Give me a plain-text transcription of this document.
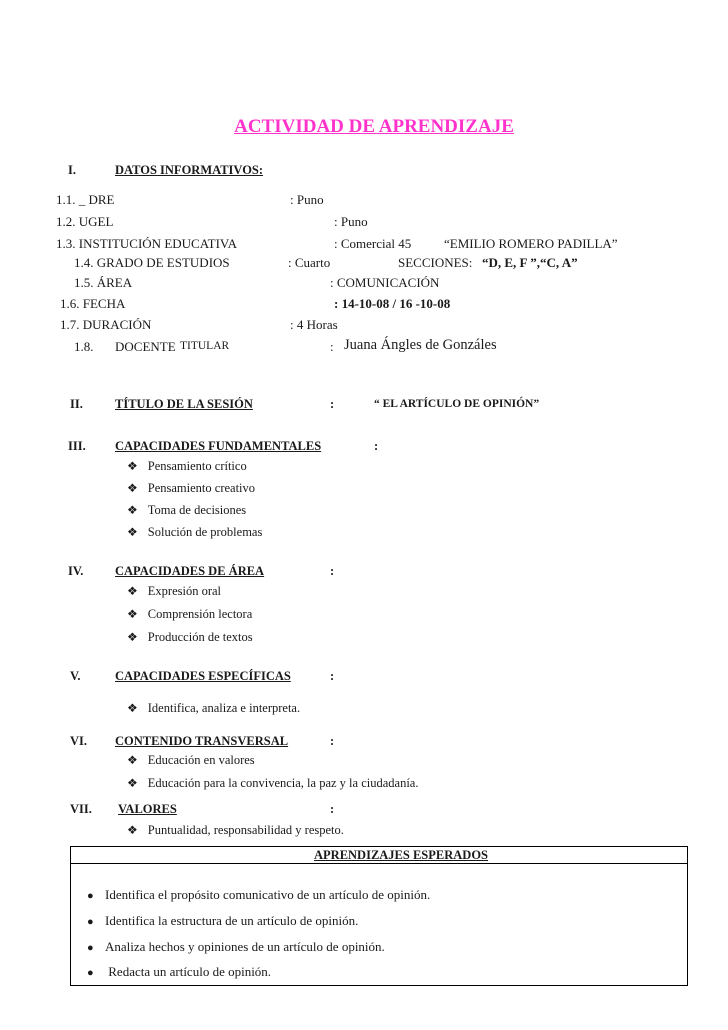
ACTIVIDAD DE APRENDIZAJE
I.	DATOS INFORMATIVOS:
1.1. _ DRE	: Puno
1.2. UGEL	: Puno
1.3. INSTITUCIÓN EDUCATIVA	: Comercial 45	“EMILIO ROMERO PADILLA”
1.4. GRADO DE ESTUDIOS	: Cuarto	SECCIONES: “D, E, F ”,“C, A”
1.5. ÁREA	: COMUNICACIÓN
1.6. FECHA	: 14-10-08 / 16 -10-08
1.7. DURACIÓN	: 4 Horas
1.8. DOCENTE TITULAR	: Juana Ángles de Gonzáles
II.	TÍTULO DE LA SESIÓN	:	“ EL ARTÍCULO DE OPINIÓN”
III. CAPACIDADES FUNDAMENTALES	:
❖ Pensamiento crítico
❖ Pensamiento creativo
❖ Toma de decisiones
❖ Solución de problemas
IV.	CAPACIDADES DE ÁREA	:
❖ Expresión oral
❖ Comprensión lectora
❖ Producción de textos
V.	CAPACIDADES ESPECÍFICAS	:
❖ Identifica, analiza e interpreta.
VI. CONTENIDO TRANSVERSAL	:
❖ Educación en valores
❖ Educación para la convivencia, la paz y la ciudadanía.
VII. VALORES	:
❖ Puntualidad, responsabilidad y respeto.
APRENDIZAJES ESPERADOS
● Identifica el propósito comunicativo de un artículo de opinión.
● Identifica la estructura de un artículo de opinión.
● Analiza hechos y opiniones de un artículo de opinión.
● Redacta un artículo de opinión.
